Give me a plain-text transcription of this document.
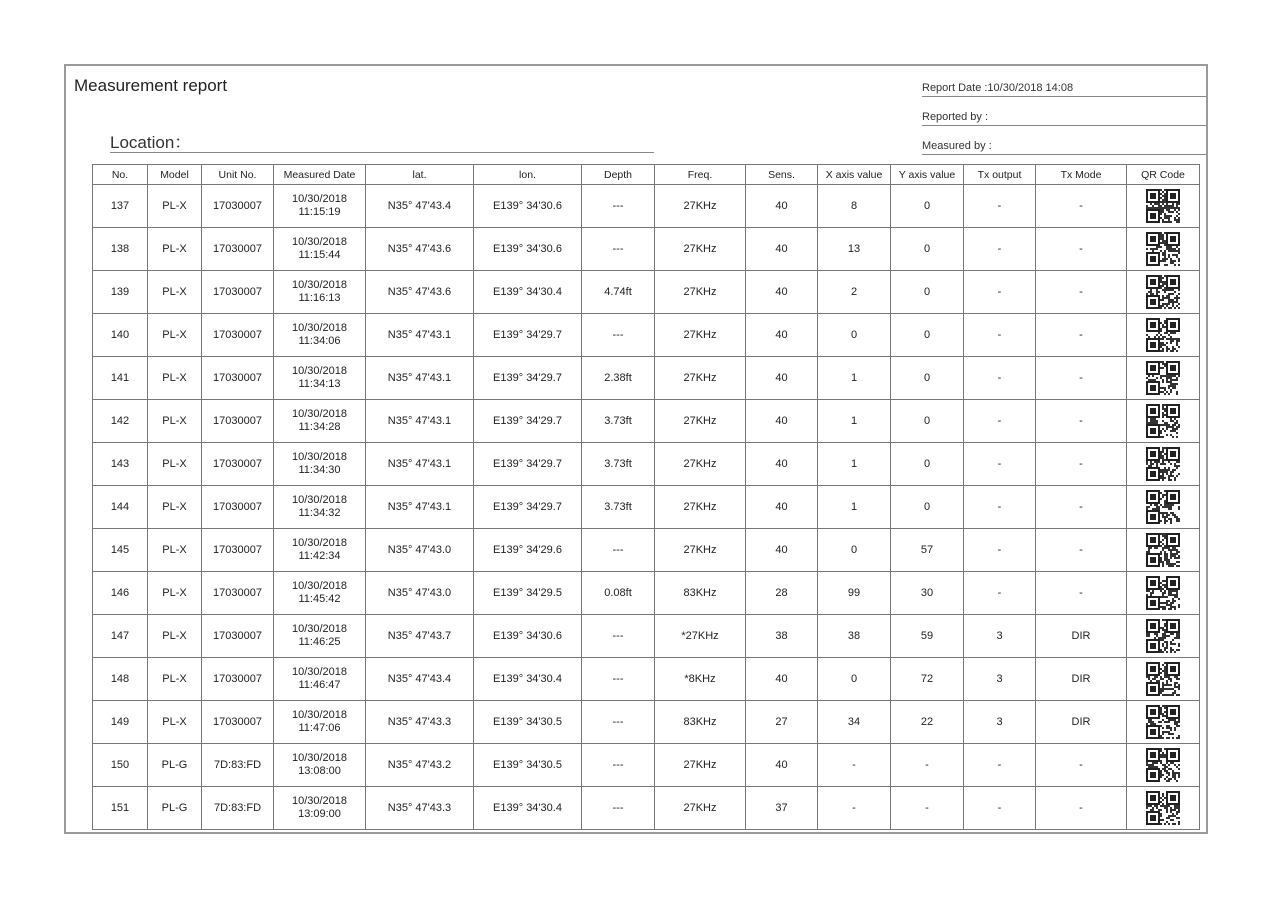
Measurement report
Location：
Report Date :10/30/2018 14:08
Reported by :
Measured by :
No.	Model	Unit No.	Measured Date	lat.	lon.	Depth	Freq.	Sens.	X axis value	Y axis value	Tx output	Tx Mode	QR Code
137	PL-X	17030007	10/30/2018
11:15:19	N35° 47'43.4	E139° 34'30.6	---	27KHz	40	8	0	-	-	

138	PL-X	17030007	10/30/2018
11:15:44	N35° 47'43.6	E139° 34'30.6	---	27KHz	40	13	0	-	-	

139	PL-X	17030007	10/30/2018
11:16:13	N35° 47'43.6	E139° 34'30.4	4.74ft	27KHz	40	2	0	-	-	

140	PL-X	17030007	10/30/2018
11:34:06	N35° 47'43.1	E139° 34'29.7	---	27KHz	40	0	0	-	-	

141	PL-X	17030007	10/30/2018
11:34:13	N35° 47'43.1	E139° 34'29.7	2.38ft	27KHz	40	1	0	-	-	

142	PL-X	17030007	10/30/2018
11:34:28	N35° 47'43.1	E139° 34'29.7	3.73ft	27KHz	40	1	0	-	-	

143	PL-X	17030007	10/30/2018
11:34:30	N35° 47'43.1	E139° 34'29.7	3.73ft	27KHz	40	1	0	-	-	

144	PL-X	17030007	10/30/2018
11:34:32	N35° 47'43.1	E139° 34'29.7	3.73ft	27KHz	40	1	0	-	-	

145	PL-X	17030007	10/30/2018
11:42:34	N35° 47'43.0	E139° 34'29.6	---	27KHz	40	0	57	-	-	

146	PL-X	17030007	10/30/2018
11:45:42	N35° 47'43.0	E139° 34'29.5	0.08ft	83KHz	28	99	30	-	-	

147	PL-X	17030007	10/30/2018
11:46:25	N35° 47'43.7	E139° 34'30.6	---	*27KHz	38	38	59	3	DIR	

148	PL-X	17030007	10/30/2018
11:46:47	N35° 47'43.4	E139° 34'30.4	---	*8KHz	40	0	72	3	DIR	

149	PL-X	17030007	10/30/2018
11:47:06	N35° 47'43.3	E139° 34'30.5	---	83KHz	27	34	22	3	DIR	

150	PL-G	7D:83:FD	10/30/2018
13:08:00	N35° 47'43.2	E139° 34'30.5	---	27KHz	40	-	-	-	-	

151	PL-G	7D:83:FD	10/30/2018
13:09:00	N35° 47'43.3	E139° 34'30.4	---	27KHz	37	-	-	-	-	
